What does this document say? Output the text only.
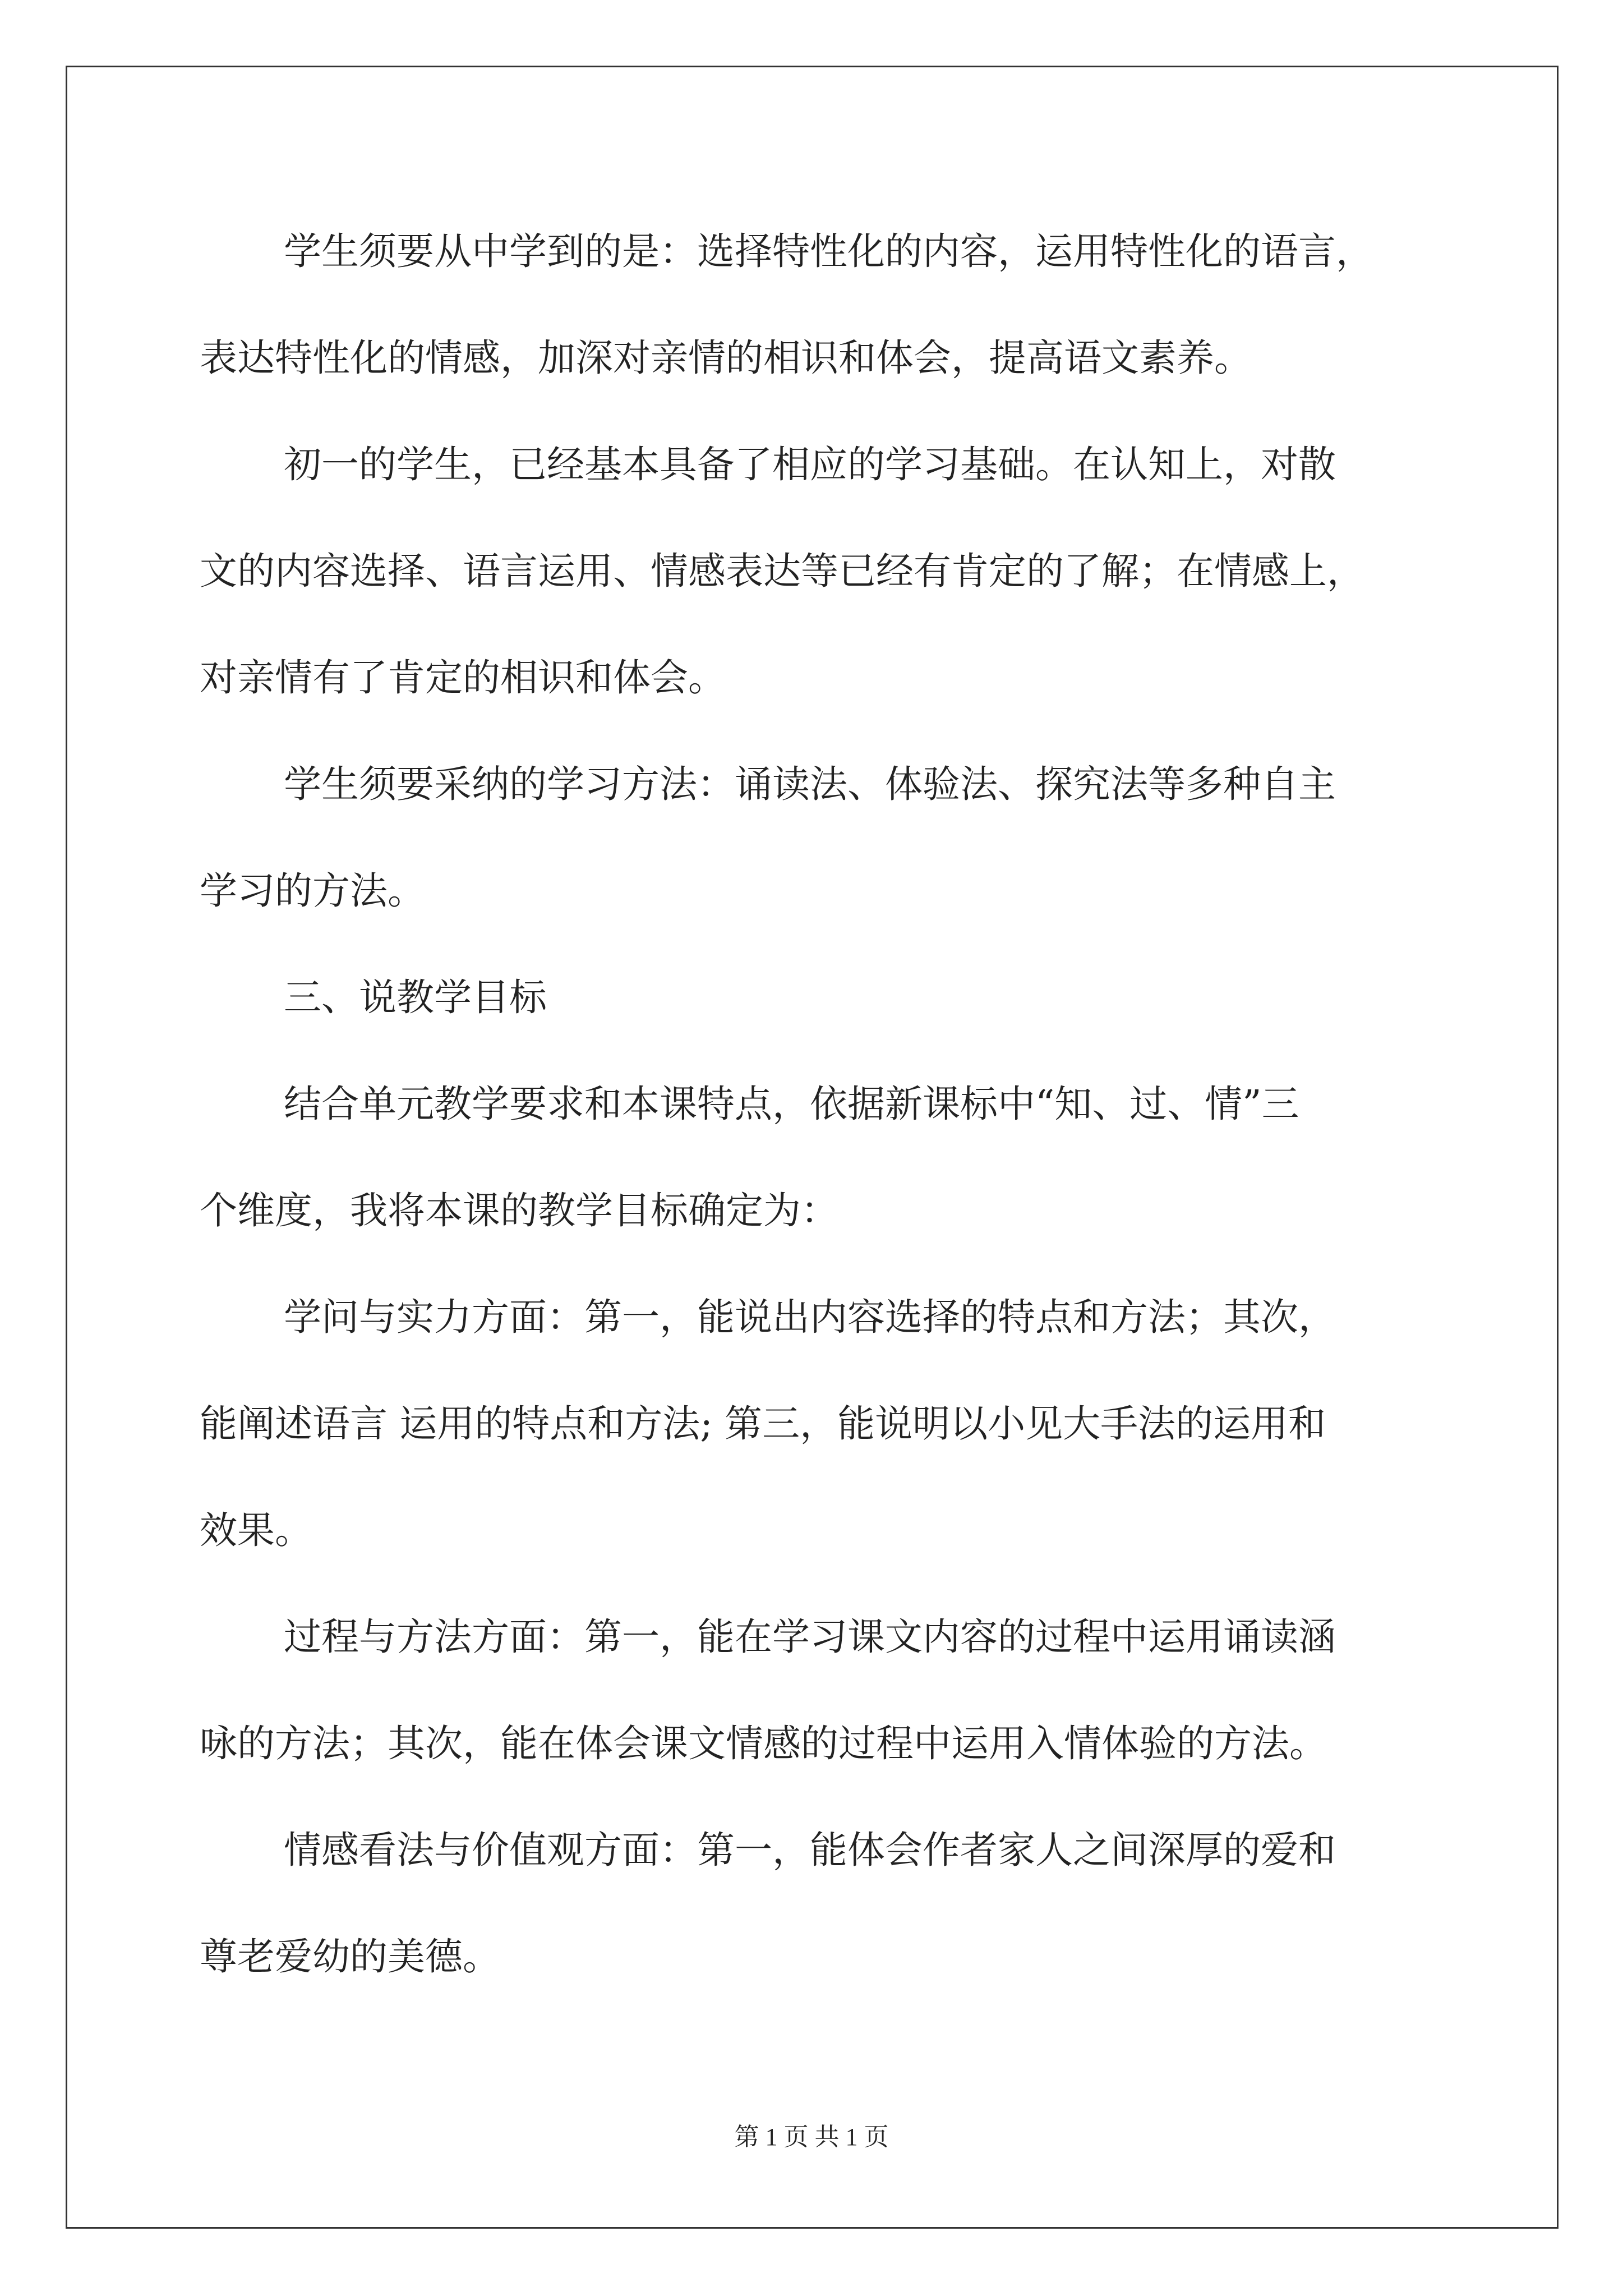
学生须要从中学到的是：选择特性化的内容，运用特性化的语言，

表达特性化的情感，加深对亲情的相识和体会，提高语文素养。

初一的学生，已经基本具备了相应的学习基础。在认知上，对散

文的内容选择、语言运用、情感表达等已经有肯定的了解；在情感上，

对亲情有了肯定的相识和体会。

学生须要采纳的学习方法：诵读法、体验法、探究法等多种自主

学习的方法。

三、说教学目标

结合单元教学要求和本课特点，依据新课标中“知、过、情”三

个维度，我将本课的教学目标确定为：

学问与实力方面：第一，能说出内容选择的特点和方法；其次，

能阐述语言 运用的特点和方法; 第三，能说明以小见大手法的运用和

效果。

过程与方法方面：第一，能在学习课文内容的过程中运用诵读涵

咏的方法；其次，能在体会课文情感的过程中运用入情体验的方法。

情感看法与价值观方面：第一，能体会作者家人之间深厚的爱和

尊老爱幼的美德。

第 1 页 共 1 页
